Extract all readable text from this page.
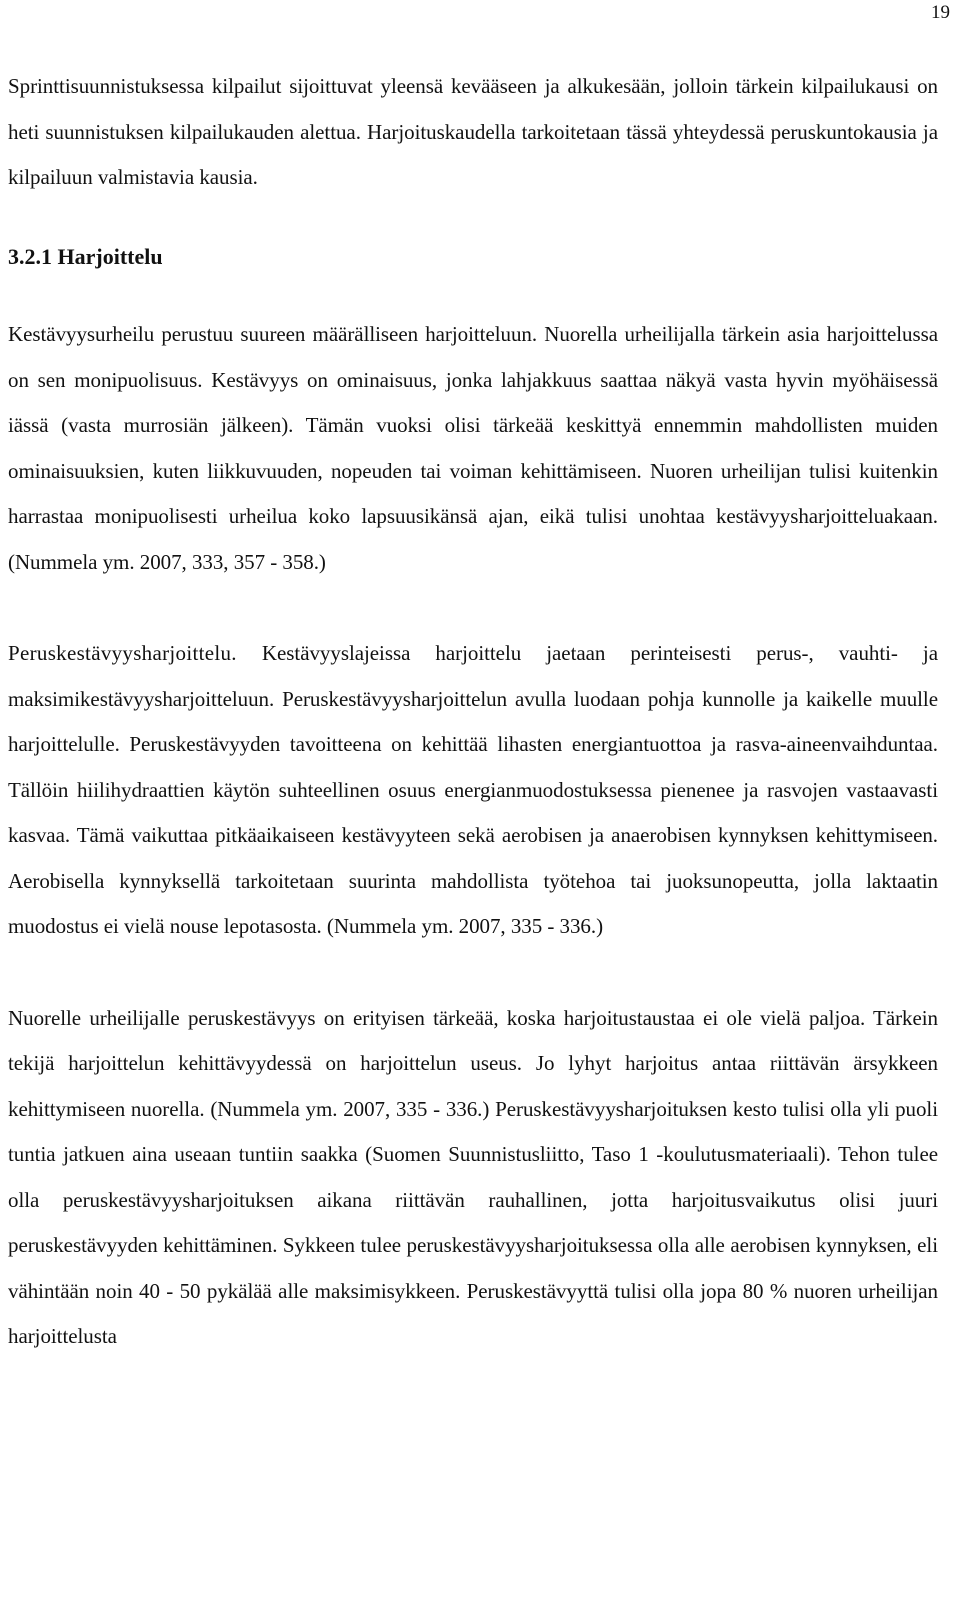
19

Sprinttisuunnistuksessa kilpailut sijoittuvat yleensä kevääseen ja alkukesään, jolloin tärkein kilpailukausi on heti suunnistuksen kilpailukauden alettua. Harjoituskaudella tarkoitetaan tässä yhteydessä peruskuntokausia ja kilpailuun valmistavia kausia.

3.2.1 Harjoittelu

Kestävyysurheilu perustuu suureen määrälliseen harjoitteluun. Nuorella urheilijalla tärkein asia harjoittelussa on sen monipuolisuus. Kestävyys on ominaisuus, jonka lahjakkuus saattaa näkyä vasta hyvin myöhäisessä iässä (vasta murrosiän jälkeen). Tämän vuoksi olisi tärkeää keskittyä ennemmin mahdollisten muiden ominaisuuksien, kuten liikkuvuuden, nopeuden tai voiman kehittämiseen. Nuoren urheilijan tulisi kuitenkin harrastaa monipuolisesti urheilua koko lapsuusikänsä ajan, eikä tulisi unohtaa kestävyysharjoitteluakaan. (Nummela ym. 2007, 333, 357 - 358.)

Peruskestävyysharjoittelu. Kestävyyslajeissa harjoittelu jaetaan perinteisesti perus-, vauhti- ja maksimikestävyysharjoitteluun. Peruskestävyysharjoittelun avulla luodaan pohja kunnolle ja kaikelle muulle harjoittelulle. Peruskestävyyden tavoitteena on kehittää lihasten energiantuottoa ja rasva-aineenvaihduntaa. Tällöin hiilihydraattien käytön suhteellinen osuus energianmuodostuksessa pienenee ja rasvojen vastaavasti kasvaa. Tämä vaikuttaa pitkäaikaiseen kestävyyteen sekä aerobisen ja anaerobisen kynnyksen kehittymiseen. Aerobisella kynnyksellä tarkoitetaan suurinta mahdollista työtehoa tai juoksunopeutta, jolla laktaatin muodostus ei vielä nouse lepotasosta. (Nummela ym. 2007, 335 - 336.)

Nuorelle urheilijalle peruskestävyys on erityisen tärkeää, koska harjoitustaustaa ei ole vielä paljoa. Tärkein tekijä harjoittelun kehittävyydessä on harjoittelun useus. Jo lyhyt harjoitus antaa riittävän ärsykkeen kehittymiseen nuorella. (Nummela ym. 2007, 335 - 336.) Peruskestävyysharjoituksen kesto tulisi olla yli puoli tuntia jatkuen aina useaan tuntiin saakka (Suomen Suunnistusliitto, Taso 1 -koulutusmateriaali). Tehon tulee olla peruskestävyysharjoituksen aikana riittävän rauhallinen, jotta harjoitusvaikutus olisi juuri peruskestävyyden kehittäminen. Sykkeen tulee peruskestävyysharjoituksessa olla alle aerobisen kynnyksen, eli vähintään noin 40 - 50 pykälää alle maksimisykkeen. Peruskestävyyttä tulisi olla jopa 80 % nuoren urheilijan harjoittelusta
